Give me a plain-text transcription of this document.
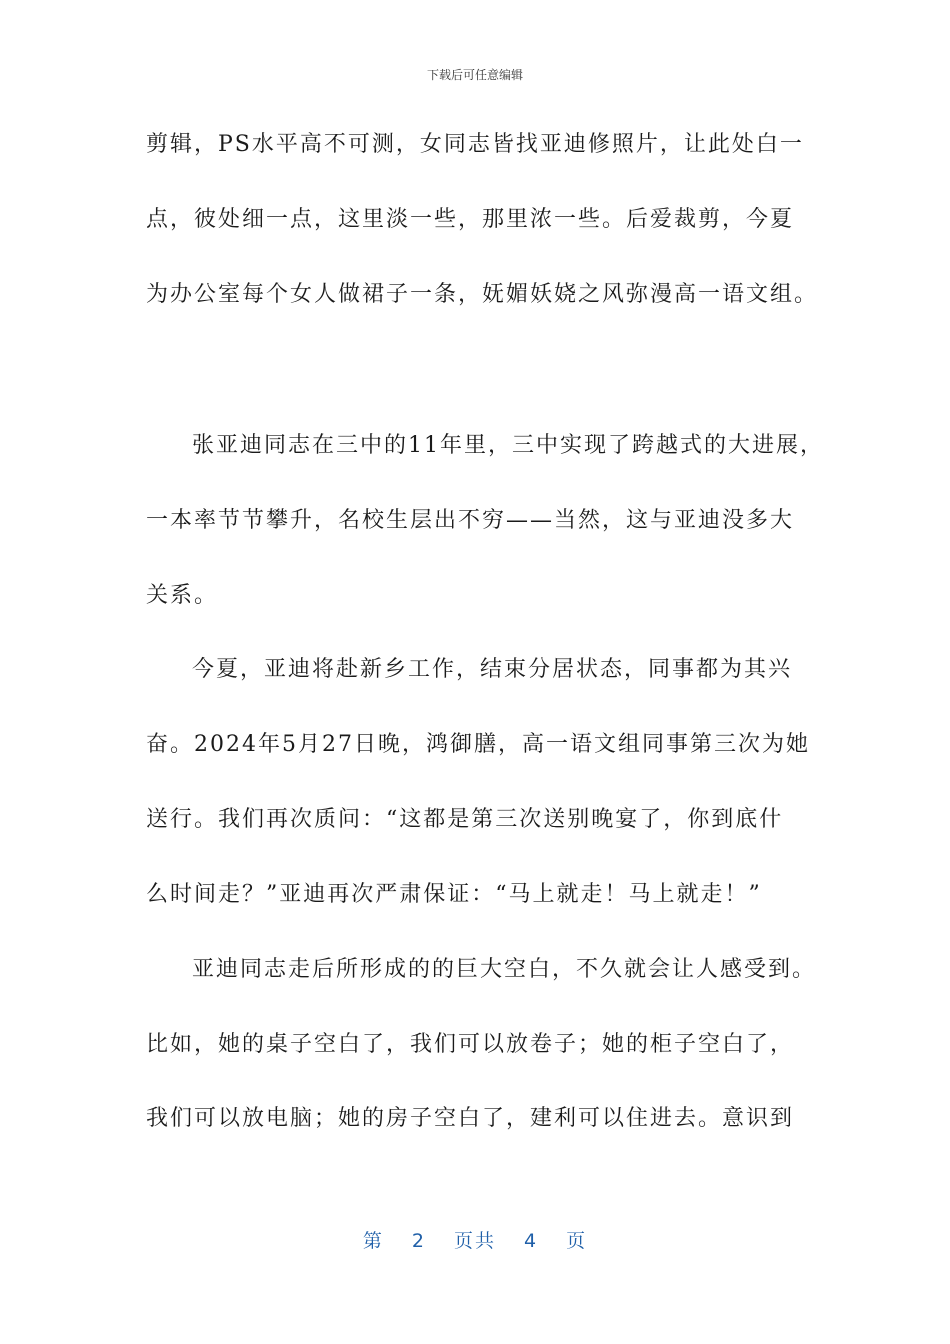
下载后可任意编辑
剪辑，PS水平高不可测，女同志皆找亚迪修照片，让此处白一
点，彼处细一点，这里淡一些，那里浓一些。后爱裁剪，今夏
为办公室每个女人做裙子一条，妩媚妖娆之风弥漫高一语文组。
张亚迪同志在三中的11年里，三中实现了跨越式的大进展，
一本率节节攀升，名校生层出不穷——当然，这与亚迪没多大
关系。
今夏，亚迪将赴新乡工作，结束分居状态，同事都为其兴
奋。2024年5月27日晚，鸿御膳，高一语文组同事第三次为她
送行。我们再次质问：“这都是第三次送别晚宴了，你到底什
么时间走？”亚迪再次严肃保证：“马上就走！马上就走！”
亚迪同志走后所形成的的巨大空白，不久就会让人感受到。
比如，她的桌子空白了，我们可以放卷子；她的柜子空白了，
我们可以放电脑；她的房子空白了，建利可以住进去。意识到
第 2 页共 4 页
